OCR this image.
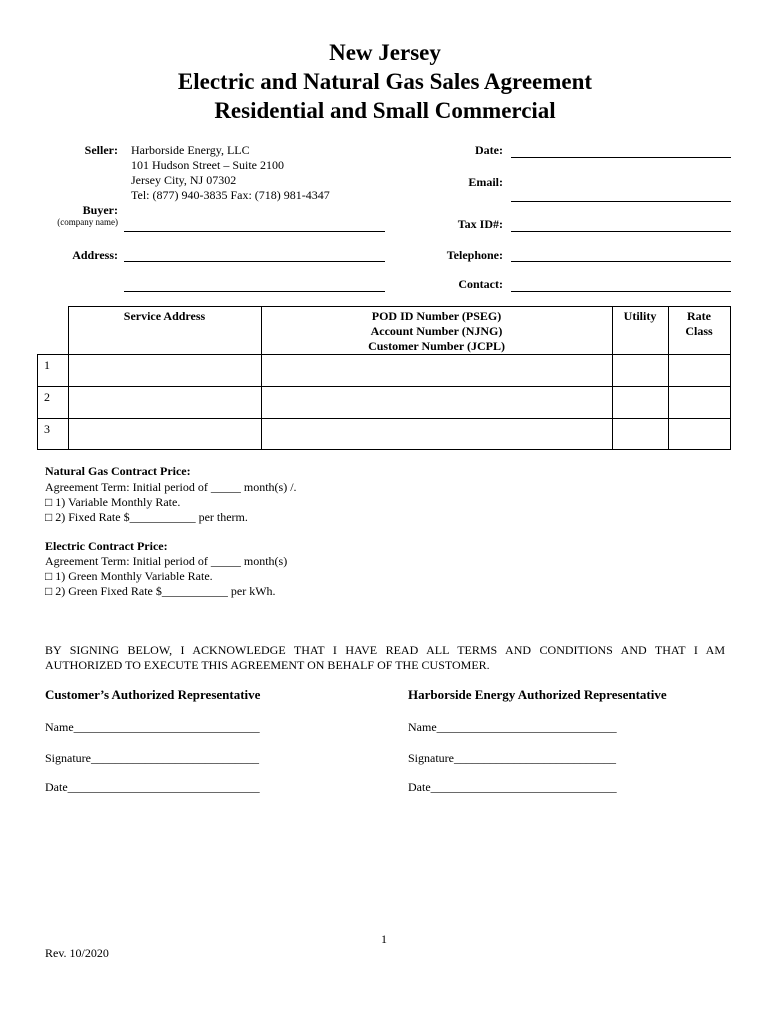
New Jersey
Electric and Natural Gas Sales Agreement
Residential and Small Commercial
Seller: Harborside Energy, LLC
101 Hudson Street – Suite 2100
Jersey City, NJ 07302
Tel: (877) 940-3835 Fax: (718) 981-4347
Buyer:
(company name)
Address:
Date:
Email:
Tax ID#:
Telephone:
Contact:
	Service Address	POD ID Number (PSEG)
Account Number (NJNG)
Customer Number (JCPL)	Utility	Rate
Class
1				
2				
3				
Natural Gas Contract Price:
Agreement Term: Initial period of _____ month(s) /.
□ 1) Variable Monthly Rate.
□ 2) Fixed Rate $___________ per therm.
Electric Contract Price:
Agreement Term: Initial period of _____ month(s)
□ 1) Green Monthly Variable Rate.
□ 2) Green Fixed Rate $___________ per kWh.
BY SIGNING BELOW, I ACKNOWLEDGE THAT I HAVE READ ALL TERMS AND CONDITIONS AND THAT I AM
AUTHORIZED TO EXECUTE THIS AGREEMENT ON BEHALF OF THE CUSTOMER.
Customer’s Authorized Representative
Name_______________________________
Signature____________________________
Date________________________________
Harborside Energy Authorized Representative
Name______________________________
Signature___________________________
Date_______________________________
1
Rev. 10/2020
